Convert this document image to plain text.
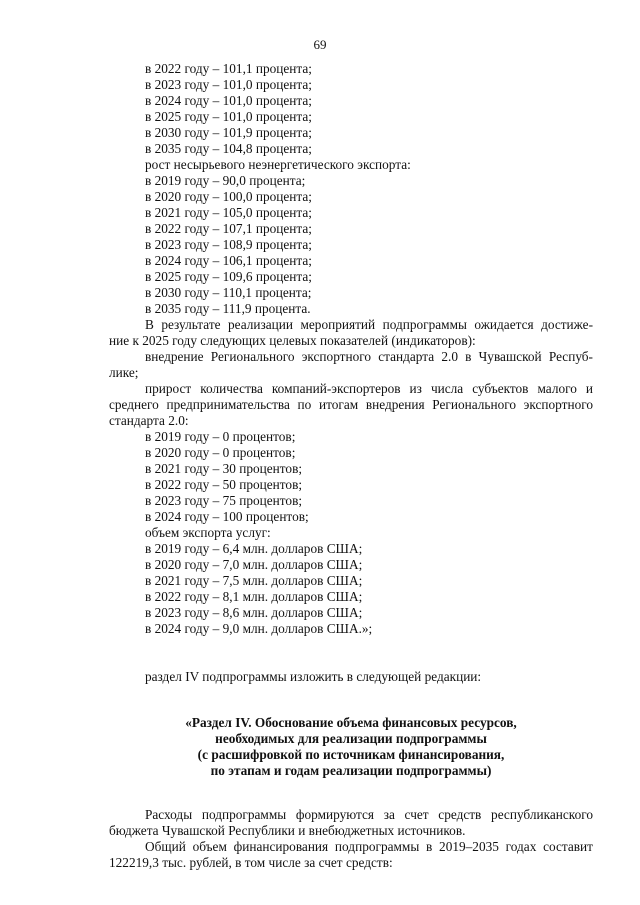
69
в 2022 году – 101,1 процента;
в 2023 году – 101,0 процента;
в 2024 году – 101,0 процента;
в 2025 году – 101,0 процента;
в 2030 году – 101,9 процента;
в 2035 году – 104,8 процента;
рост несырьевого неэнергетического экспорта:
в 2019 году – 90,0 процента;
в 2020 году – 100,0 процента;
в 2021 году – 105,0 процента;
в 2022 году – 107,1 процента;
в 2023 году – 108,9 процента;
в 2024 году – 106,1 процента;
в 2025 году – 109,6 процента;
в 2030 году – 110,1 процента;
в 2035 году – 111,9 процента.
В результате реализации мероприятий подпрограммы ожидается достиже-
ние к 2025 году следующих целевых показателей (индикаторов):
внедрение Регионального экспортного стандарта 2.0 в Чувашской Респуб-
лике;
прирост количества компаний-экспортеров из числа субъектов малого и
среднего предпринимательства по итогам внедрения Регионального экспортного
стандарта 2.0:
в 2019 году – 0 процентов;
в 2020 году – 0 процентов;
в 2021 году – 30 процентов;
в 2022 году – 50 процентов;
в 2023 году – 75 процентов;
в 2024 году – 100 процентов;
объем экспорта услуг:
в 2019 году – 6,4 млн. долларов США;
в 2020 году – 7,0 млн. долларов США;
в 2021 году – 7,5 млн. долларов США;
в 2022 году – 8,1 млн. долларов США;
в 2023 году – 8,6 млн. долларов США;
в 2024 году – 9,0 млн. долларов США.»;
раздел IV подпрограммы изложить в следующей редакции:
«Раздел IV. Обоснование объема финансовых ресурсов,
необходимых для реализации подпрограммы
(с расшифровкой по источникам финансирования,
по этапам и годам реализации подпрограммы)
Расходы подпрограммы формируются за счет средств республиканского
бюджета Чувашской Республики и внебюджетных источников.
Общий объем финансирования подпрограммы в 2019–2035 годах составит
122219,3 тыс. рублей, в том числе за счет средств:
